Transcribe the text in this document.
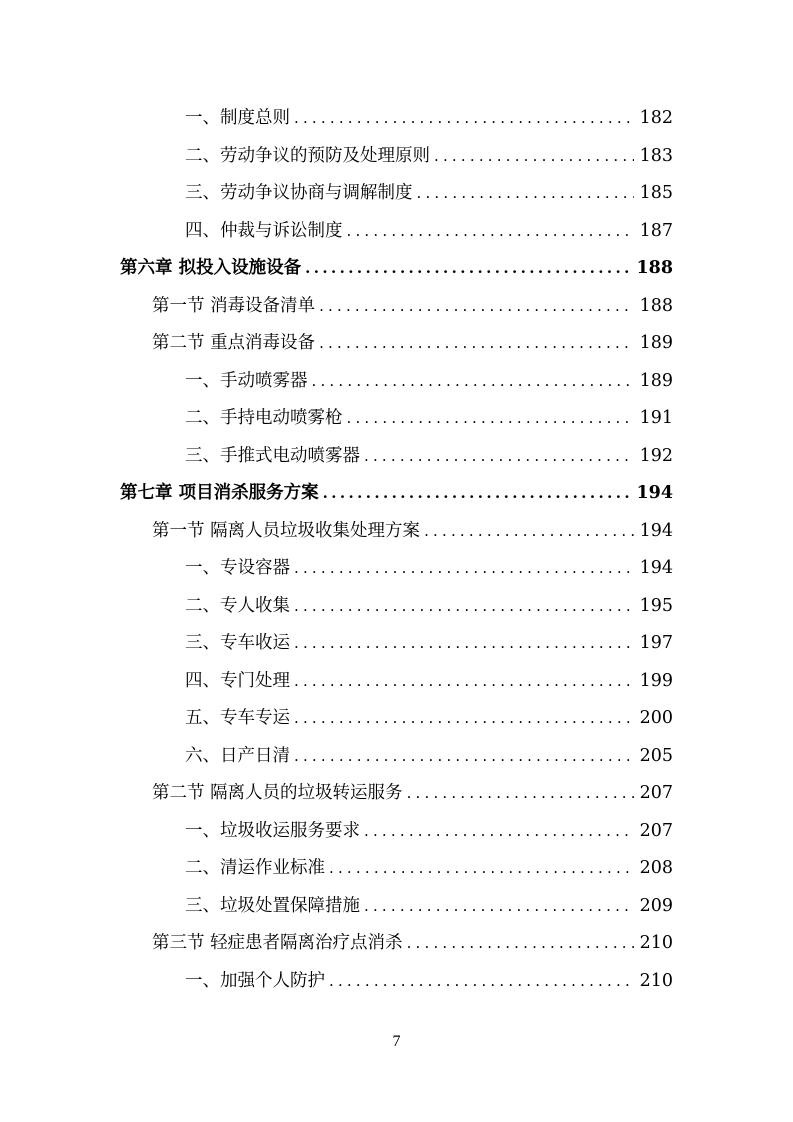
一、制度总则 .....	182
二、劳动争议的预防及处理原则 .....	183
三、劳动争议协商与调解制度 .....	185
四、仲裁与诉讼制度 .....	187
第六章 拟投入设施设备 .....	188
第一节 消毒设备清单 .....	188
第二节 重点消毒设备 .....	189
一、手动喷雾器 .....	189
二、手持电动喷雾枪 .....	191
三、手推式电动喷雾器 .....	192
第七章 项目消杀服务方案 .....	194
第一节 隔离人员垃圾收集处理方案 .....	194
一、专设容器 .....	194
二、专人收集 .....	195
三、专车收运 .....	197
四、专门处理 .....	199
五、专车专运 .....	200
六、日产日清 .....	205
第二节 隔离人员的垃圾转运服务 .....	207
一、垃圾收运服务要求 .....	207
二、清运作业标准 .....	208
三、垃圾处置保障措施 .....	209
第三节 轻症患者隔离治疗点消杀 .....	210
一、加强个人防护 .....	210
7
